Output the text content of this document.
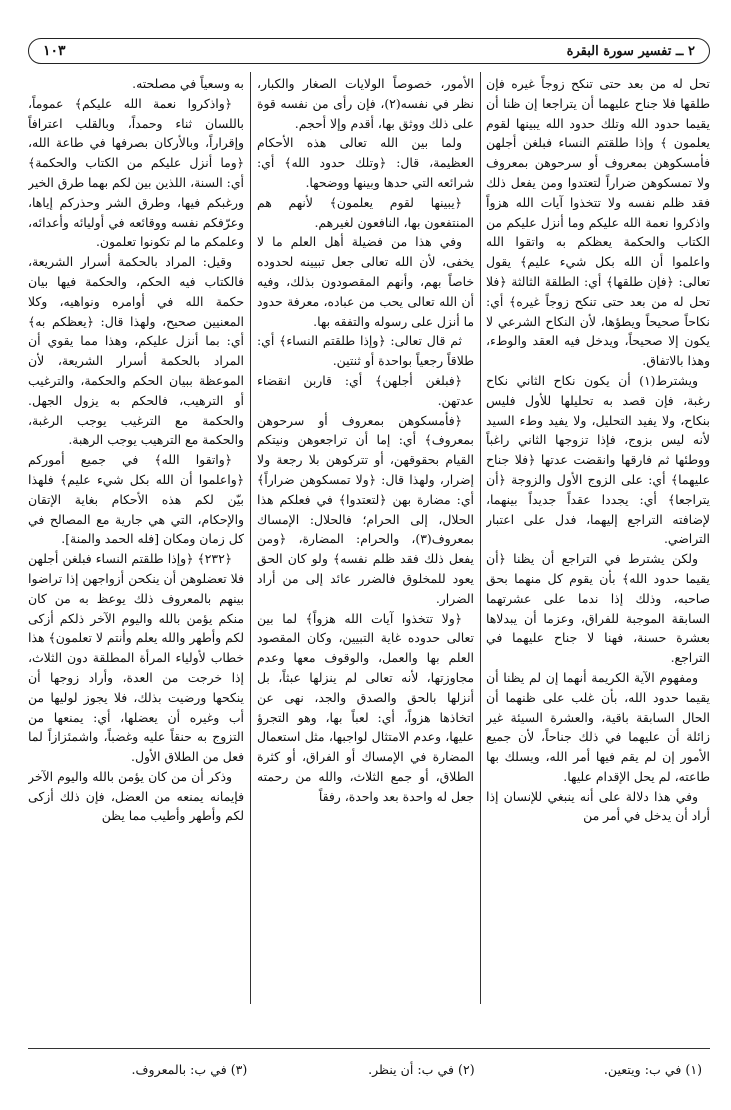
٢ ــ تفسير سورة البقرة
١٠٣

تحل له من بعد حتى تنكح زوجاً غيره فإن طلقها فلا جناح عليهما أن يتراجعا إن ظنا أن يقيما حدود الله وتلك حدود الله يبينها لقوم يعلمون ﴾ وإذا طلقتم النساء فبلغن أجلهن فأمسكوهن بمعروف أو سرحوهن بمعروف ولا تمسكوهن ضراراً لتعتدوا ومن يفعل ذلك فقد ظلم نفسه ولا تتخذوا آيات الله هزواً واذكروا نعمة الله عليكم وما أنزل عليكم من الكتاب والحكمة يعظكم به واتقوا الله واعلموا أن الله بكل شيء عليم﴾ يقول تعالى: ﴿فإن طلقها﴾ أي: الطلقة الثالثة ﴿فلا تحل له من بعد حتى تنكح زوجاً غيره﴾ أي: نكاحاً صحيحاً ويطؤها، لأن النكاح الشرعي لا يكون إلا صحيحاً، ويدخل فيه العقد والوطء، وهذا بالاتفاق.

ويشترط(١) أن يكون نكاح الثاني نكاح رغبة، فإن قصد به تحليلها للأول فليس بنكاح، ولا يفيد التحليل، ولا يفيد وطء السيد لأنه ليس بزوج، فإذا تزوجها الثاني راغباً ووطئها ثم فارقها وانقضت عدتها ﴿فلا جناح عليهما﴾ أي: على الزوج الأول والزوجة ﴿أن يتراجعا﴾ أي: يجددا عقداً جديداً بينهما، لإضافته التراجع إليهما، فدل على اعتبار التراضي.

ولكن يشترط في التراجع أن يظنا ﴿أن يقيما حدود الله﴾ بأن يقوم كل منهما بحق صاحبه، وذلك إذا ندما على عشرتهما السابقة الموجبة للفراق، وعزما أن يبدلاها بعشرة حسنة، فهنا لا جناح عليهما في التراجع.

ومفهوم الآية الكريمة أنهما إن لم يظنا أن يقيما حدود الله، بأن غلب على ظنهما أن الحال السابقة باقية، والعشرة السيئة غير زائلة أن عليهما في ذلك جناحاً، لأن جميع الأمور إن لم يقم فيها أمر الله، ويسلك بها طاعته، لم يحل الإقدام عليها.

وفي هذا دلالة على أنه ينبغي للإنسان إذا أراد أن يدخل في أمر من

الأمور، خصوصاً الولايات الصغار والكبار، نظر في نفسه(٢)، فإن رأى من نفسه قوة على ذلك ووثق بها، أقدم وإلا أحجم.

ولما بين الله تعالى هذه الأحكام العظيمة، قال: ﴿وتلك حدود الله﴾ أي: شرائعه التي حدها وبينها ووضحها.

﴿يبينها لقوم يعلمون﴾ لأنهم هم المنتفعون بها، النافعون لغيرهم.

وفي هذا من فضيلة أهل العلم ما لا يخفى، لأن الله تعالى جعل تبيينه لحدوده خاصاً بهم، وأنهم المقصودون بذلك، وفيه أن الله تعالى يحب من عباده، معرفة حدود ما أنزل على رسوله والتفقه بها.

ثم قال تعالى: ﴿وإذا طلقتم النساء﴾ أي: طلاقاً رجعياً بواحدة أو ثنتين.

﴿فبلغن أجلهن﴾ أي: قاربن انقضاء عدتهن.

﴿فأمسكوهن بمعروف أو سرحوهن بمعروف﴾ أي: إما أن تراجعوهن ونيتكم القيام بحقوقهن، أو تتركوهن بلا رجعة ولا إضرار، ولهذا قال: ﴿ولا تمسكوهن ضراراً﴾ أي: مضارة بهن ﴿لتعتدوا﴾ في فعلكم هذا الحلال، إلى الحرام؛ فالحلال: الإمساك بمعروف(٣)، والحرام: المضارة، ﴿ومن يفعل ذلك فقد ظلم نفسه﴾ ولو كان الحق يعود للمخلوق فالضرر عائد إلى من أراد الضرار.

﴿ولا تتخذوا آيات الله هزواً﴾ لما بين تعالى حدوده غاية التبيين، وكان المقصود العلم بها والعمل، والوقوف معها وعدم مجاوزتها، لأنه تعالى لم ينزلها عبثاً، بل أنزلها بالحق والصدق والجد، نهى عن اتخاذها هزواً، أي: لعباً بها، وهو التجرؤ عليها، وعدم الامتثال لواجبها، مثل استعمال المضارة في الإمساك أو الفراق، أو كثرة الطلاق، أو جمع الثلاث، والله من رحمته جعل له واحدة بعد واحدة، رفقاً

به وسعياً في مصلحته.

﴿واذكروا نعمة الله عليكم﴾ عموماً، باللسان ثناء وحمداً، وبالقلب اعترافاً وإقراراً، وبالأركان بصرفها في طاعة الله، ﴿وما أنزل عليكم من الكتاب والحكمة﴾ أي: السنة، اللذين بين لكم بهما طرق الخير ورغبكم فيها، وطرق الشر وحذركم إياها، وعرّفكم نفسه ووقائعه في أوليائه وأعدائه، وعلمكم ما لم تكونوا تعلمون.

وقيل: المراد بالحكمة أسرار الشريعة، فالكتاب فيه الحكم، والحكمة فيها بيان حكمة الله في أوامره ونواهيه، وكلا المعنيين صحيح، ولهذا قال: ﴿يعظكم به﴾ أي: بما أنزل عليكم، وهذا مما يقوي أن المراد بالحكمة أسرار الشريعة، لأن الموعظة ببيان الحكم والحكمة، والترغيب أو الترهيب، فالحكم به يزول الجهل. والحكمة مع الترغيب يوجب الرغبة، والحكمة مع الترهيب يوجب الرهبة.

﴿واتقوا الله﴾ في جميع أموركم ﴿واعلموا أن الله بكل شيء عليم﴾ فلهذا بيّن لكم هذه الأحكام بغاية الإتقان والإحكام، التي هي جارية مع المصالح في كل زمان ومكان [فله الحمد والمنة].

﴿٢٣٢﴾ ﴿وإذا طلقتم النساء فبلغن أجلهن فلا تعضلوهن أن ينكحن أزواجهن إذا تراضوا بينهم بالمعروف ذلك يوعظ به من كان منكم يؤمن بالله واليوم الآخر ذلكم أزكى لكم وأطهر والله يعلم وأنتم لا تعلمون﴾ هذا خطاب لأولياء المرأة المطلقة دون الثلاث، إذا خرجت من العدة، وأراد زوجها أن ينكحها ورضيت بذلك، فلا يجوز لوليها من أب وغيره أن يعضلها، أي: يمنعها من التزوج به حنقاً عليه وغضباً، واشمئزازاً لما فعل من الطلاق الأول.

وذكر أن من كان يؤمن بالله واليوم الآخر فإيمانه يمنعه من العضل، فإن ذلك أزكى لكم وأطهر وأطيب مما يظن

(١) في ب: ويتعين.
(٢) في ب: أن ينظر.
(٣) في ب: بالمعروف.
